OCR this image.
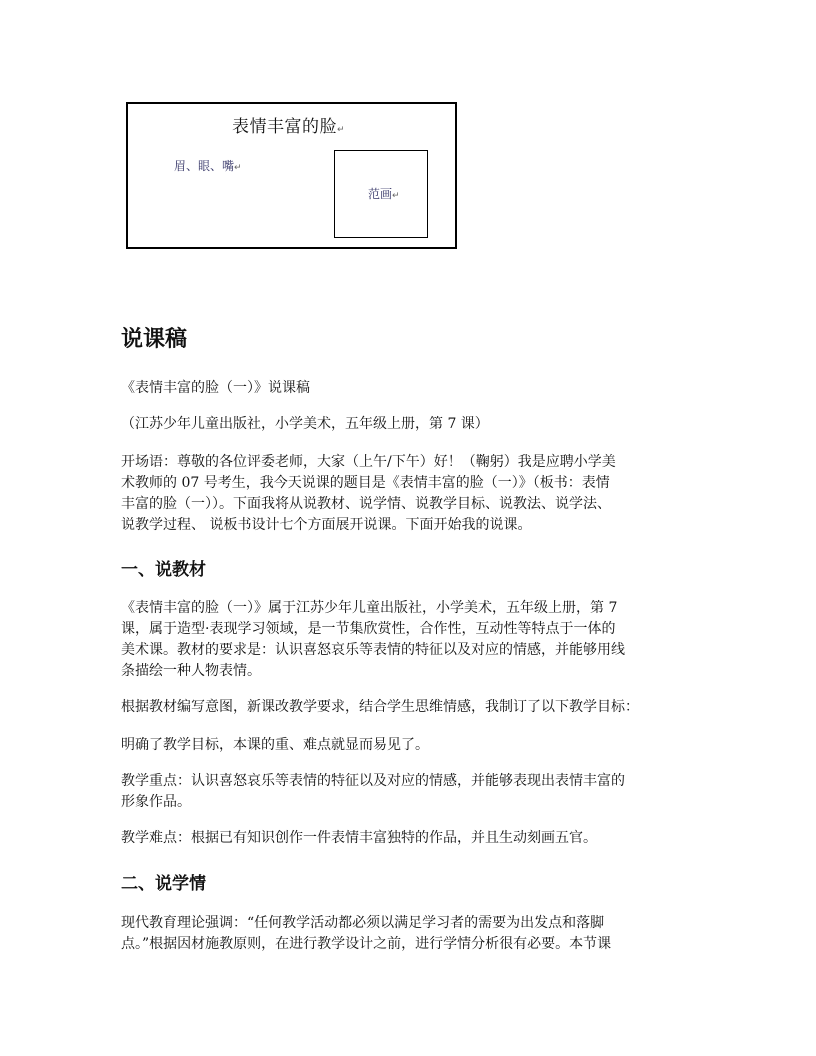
表情丰富的脸↵
眉、眼、嘴↵
范画↵
说课稿

《表情丰富的脸（一）》说课稿

（江苏少年儿童出版社，小学美术，五年级上册，第 7 课）

开场语：尊敬的各位评委老师，大家（上午/下午）好！（鞠躬）我是应聘小学美
术教师的 07 号考生，我今天说课的题目是《表情丰富的脸（一）》（板书：表情
丰富的脸（一））。下面我将从说教材、说学情、说教学目标、说教法、说学法、
说教学过程、 说板书设计七个方面展开说课。下面开始我的说课。

一、说教材

《表情丰富的脸（一）》属于江苏少年儿童出版社，小学美术，五年级上册，第 7
课，属于造型·表现学习领域，是一节集欣赏性，合作性，互动性等特点于一体的
美术课。教材的要求是：认识喜怒哀乐等表情的特征以及对应的情感，并能够用线
条描绘一种人物表情。

根据教材编写意图，新课改教学要求，结合学生思维情感，我制订了以下教学目标：

明确了教学目标，本课的重、难点就显而易见了。

教学重点：认识喜怒哀乐等表情的特征以及对应的情感，并能够表现出表情丰富的
形象作品。

教学难点：根据已有知识创作一件表情丰富独特的作品，并且生动刻画五官。

二、说学情

现代教育理论强调：“任何教学活动都必须以满足学习者的需要为出发点和落脚
点。”根据因材施教原则，在进行教学设计之前，进行学情分析很有必要。本节课
